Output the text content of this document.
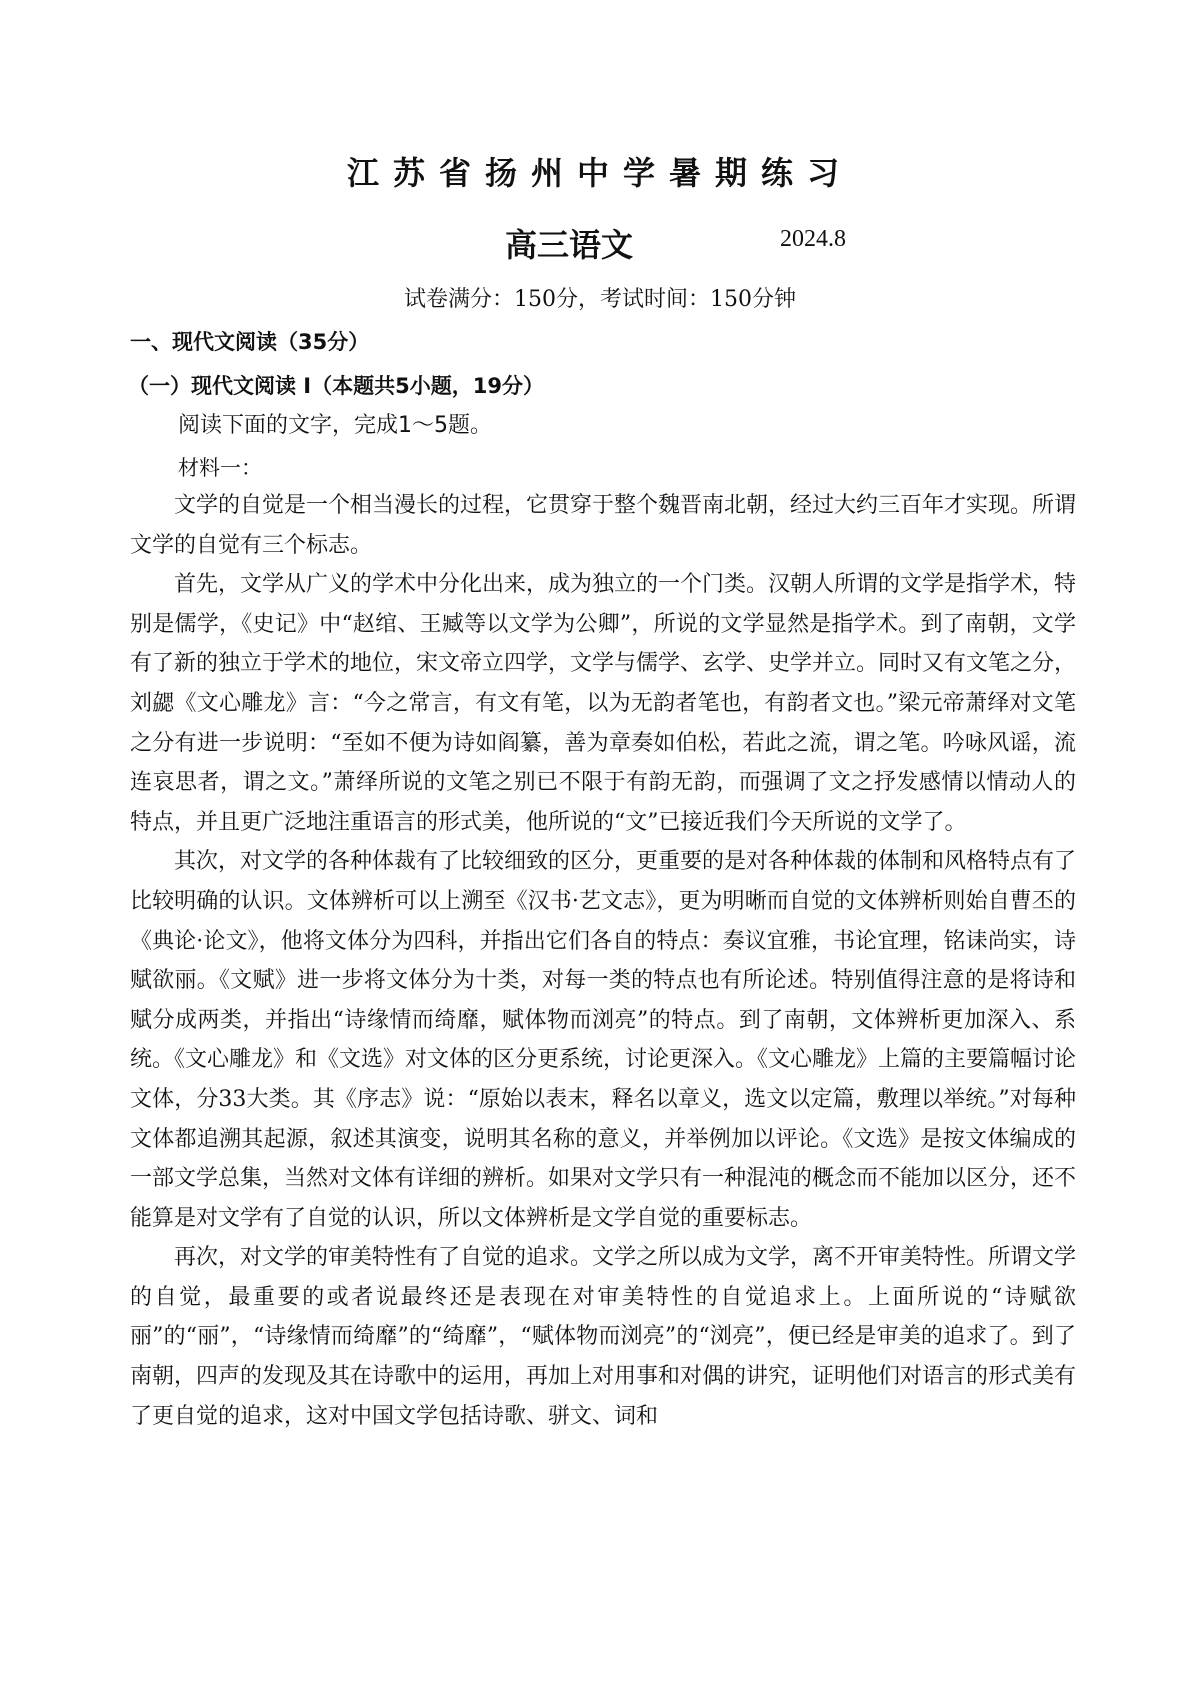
江苏省扬州中学暑期练习
高三语文	2024.8
试卷满分：150分，考试时间：150分钟
一、现代文阅读（35分）
（一）现代文阅读 I（本题共5小题，19分）
阅读下面的文字，完成1～5题。
材料一：

文学的自觉是一个相当漫长的过程，它贯穿于整个魏晋南北朝，经过大约三百年才实现。所谓文学的自觉有三个标志。

首先，文学从广义的学术中分化出来，成为独立的一个门类。汉朝人所谓的文学是指学术，特别是儒学，《史记》中“赵绾、王臧等以文学为公卿”，所说的文学显然是指学术。到了南朝，文学有了新的独立于学术的地位，宋文帝立四学，文学与儒学、玄学、史学并立。同时又有文笔之分，刘勰《文心雕龙》言：“今之常言，有文有笔，以为无韵者笔也，有韵者文也。”梁元帝萧绎对文笔之分有进一步说明：“至如不便为诗如阎纂，善为章奏如伯松，若此之流，谓之笔。吟咏风谣，流连哀思者，谓之文。”萧绎所说的文笔之别已不限于有韵无韵，而强调了文之抒发感情以情动人的特点，并且更广泛地注重语言的形式美，他所说的“文”已接近我们今天所说的文学了。

其次，对文学的各种体裁有了比较细致的区分，更重要的是对各种体裁的体制和风格特点有了比较明确的认识。文体辨析可以上溯至《汉书·艺文志》，更为明晰而自觉的文体辨析则始自曹丕的《典论·论文》，他将文体分为四科，并指出它们各自的特点：奏议宜雅，书论宜理，铭诔尚实，诗赋欲丽。《文赋》进一步将文体分为十类，对每一类的特点也有所论述。特别值得注意的是将诗和赋分成两类，并指出“诗缘情而绮靡，赋体物而浏亮”的特点。到了南朝，文体辨析更加深入、系统。《文心雕龙》和《文选》对文体的区分更系统，讨论更深入。《文心雕龙》上篇的主要篇幅讨论文体，分33大类。其《序志》说：“原始以表末，释名以章义，选文以定篇，敷理以举统。”对每种文体都追溯其起源，叙述其演变，说明其名称的意义，并举例加以评论。《文选》是按文体编成的一部文学总集，当然对文体有详细的辨析。如果对文学只有一种混沌的概念而不能加以区分，还不能算是对文学有了自觉的认识，所以文体辨析是文学自觉的重要标志。

再次，对文学的审美特性有了自觉的追求。文学之所以成为文学，离不开审美特性。所谓文学的自觉，最重要的或者说最终还是表现在对审美特性的自觉追求上。上面所说的“诗赋欲丽”的“丽”，“诗缘情而绮靡”的“绮靡”，“赋体物而浏亮”的“浏亮”，便已经是审美的追求了。到了南朝，四声的发现及其在诗歌中的运用，再加上对用事和对偶的讲究，证明他们对语言的形式美有了更自觉的追求，这对中国文学包括诗歌、骈文、词和
